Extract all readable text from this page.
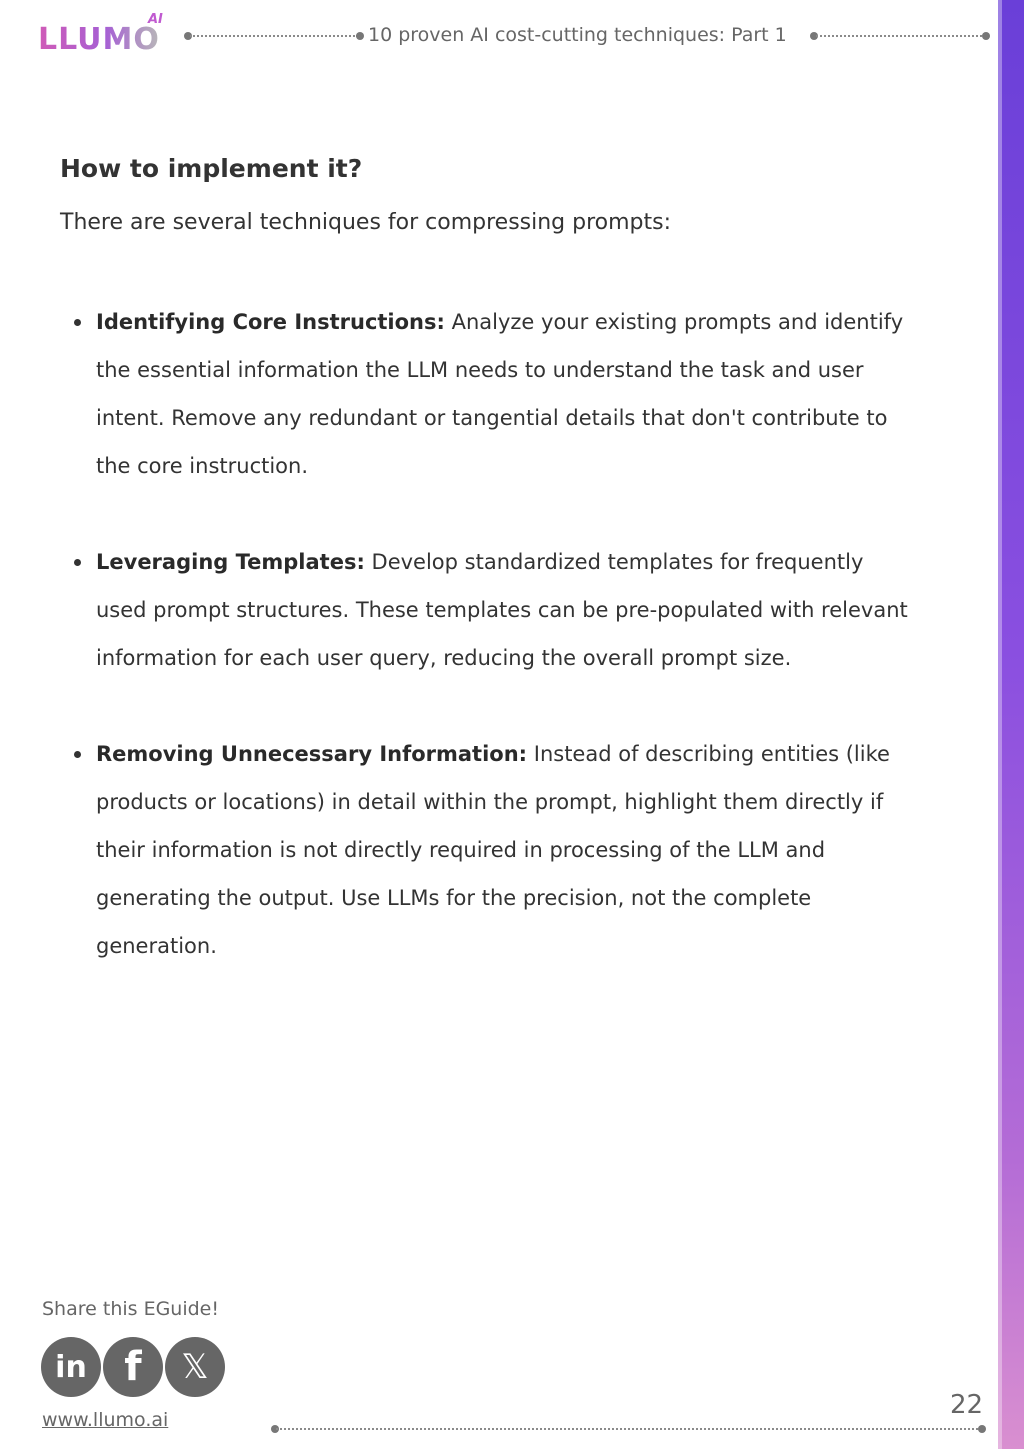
LLUMO
AI
10 proven AI cost-cutting techniques: Part 1
How to implement it?

There are several techniques for compressing prompts:

Identifying Core Instructions: Analyze your existing prompts and identify the essential information the LLM needs to understand the task and user intent. Remove any redundant or tangential details that don't contribute to the core instruction.
Leveraging Templates: Develop standardized templates for frequently used prompt structures. These templates can be pre-populated with relevant information for each user query, reducing the overall prompt size.
Removing Unnecessary Information: Instead of describing entities (like products or locations) in detail within the prompt, highlight them directly if their information is not directly required in processing of the LLM and generating the output. Use LLMs for the precision, not the complete generation.
Share this EGuide!
in f	𝕏
www.llumo.ai	22
